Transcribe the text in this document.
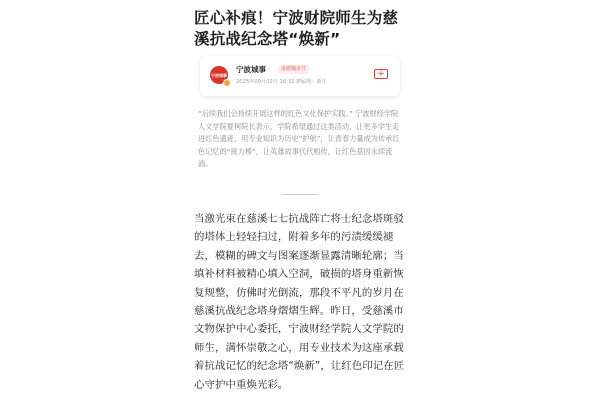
匠心补痕！宁波财院师生为慈溪抗战纪念塔“焕新”
宁波城事
宁波城事	甬派城市号
2025年09月02日 16:32 IP属地：浙江
+
“后续我们会持续开展这样的红色文化保护实践。” 宁波财经学院人文学院夏柯院长表示，学院希望通过这类活动，让更多学生走进红色遗迹，用专业知识为历史“护航”，让青春力量成为传承红色记忆的“接力棒”，让英雄故事代代相传，让红色基因永续流淌。
当激光束在慈溪七七抗战阵亡将士纪念塔斑驳的塔体上轻轻扫过，附着多年的污渍缓缓褪去，模糊的碑文与图案逐渐显露清晰轮廓；当填补材料被精心填入空洞，破损的塔身重新恢复规整，仿佛时光倒流，那段不平凡的岁月在慈溪抗战纪念塔身熠熠生辉。昨日，受慈溪市文物保护中心委托，宁波财经学院人文学院的师生，满怀崇敬之心，用专业技术为这座承载着抗战记忆的纪念塔“焕新”，让红色印记在匠心守护中重焕光彩。
